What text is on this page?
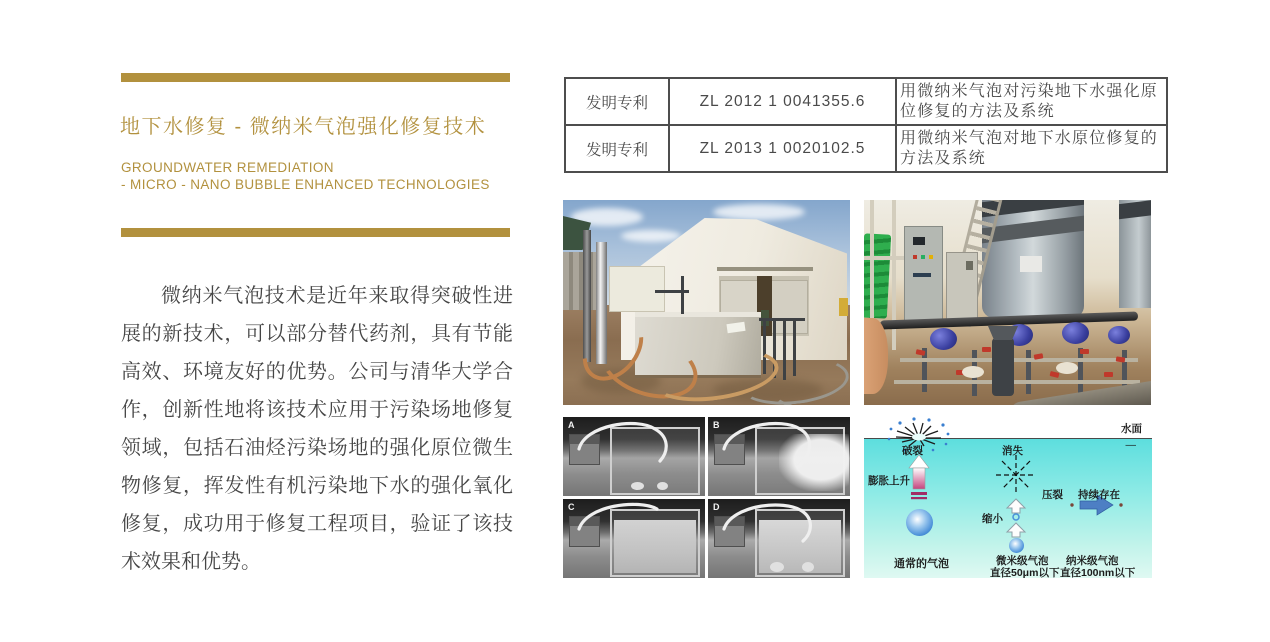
地下水修复 - 微纳米气泡强化修复技术
GROUNDWATER REMEDIATION
- MICRO - NANO BUBBLE ENHANCED TECHNOLOGIES

微纳米气泡技术是近年来取得突破性进展的新技术，可以部分替代药剂，具有节能高效、环境友好的优势。公司与清华大学合作，创新性地将该技术应用于污染场地修复领域，包括石油烃污染场地的强化原位微生物修复，挥发性有机污染地下水的强化氧化修复，成功用于修复工程项目，验证了该技术效果和优势。

发明专利	ZL 2012 1 0041355.6	用微纳米气泡对污染地下水强化原位修复的方法及系统
发明专利	ZL 2013 1 0020102.5	用微纳米气泡对地下水原位修复的方法及系统
A	B
C	D
水面
—
破裂
膨胀上升
通常的气泡
消失
缩小
微米级气泡
直径50μm以下
压裂 持续存在
纳米级气泡
直径100nm以下
